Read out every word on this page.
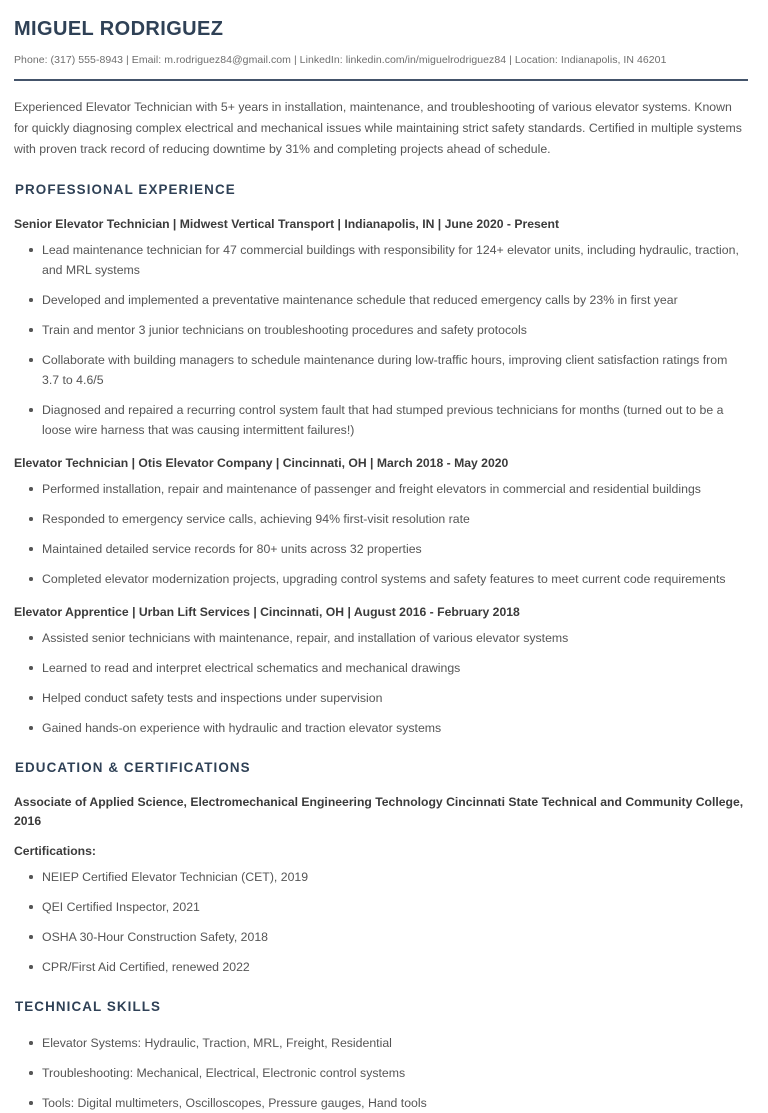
MIGUEL RODRIGUEZ
Phone: (317) 555-8943 | Email: m.rodriguez84@gmail.com | LinkedIn: linkedin.com/in/miguelrodriguez84 | Location: Indianapolis, IN 46201
Experienced Elevator Technician with 5+ years in installation, maintenance, and troubleshooting of various elevator systems. Known for quickly diagnosing complex electrical and mechanical issues while maintaining strict safety standards. Certified in multiple systems with proven track record of reducing downtime by 31% and completing projects ahead of schedule.
PROFESSIONAL EXPERIENCE
Senior Elevator Technician | Midwest Vertical Transport | Indianapolis, IN | June 2020 - Present
Lead maintenance technician for 47 commercial buildings with responsibility for 124+ elevator units, including hydraulic, traction, and MRL systems
Developed and implemented a preventative maintenance schedule that reduced emergency calls by 23% in first year
Train and mentor 3 junior technicians on troubleshooting procedures and safety protocols
Collaborate with building managers to schedule maintenance during low-traffic hours, improving client satisfaction ratings from 3.7 to 4.6/5
Diagnosed and repaired a recurring control system fault that had stumped previous technicians for months (turned out to be a loose wire harness that was causing intermittent failures!)
Elevator Technician | Otis Elevator Company | Cincinnati, OH | March 2018 - May 2020
Performed installation, repair and maintenance of passenger and freight elevators in commercial and residential buildings
Responded to emergency service calls, achieving 94% first-visit resolution rate
Maintained detailed service records for 80+ units across 32 properties
Completed elevator modernization projects, upgrading control systems and safety features to meet current code requirements
Elevator Apprentice | Urban Lift Services | Cincinnati, OH | August 2016 - February 2018
Assisted senior technicians with maintenance, repair, and installation of various elevator systems
Learned to read and interpret electrical schematics and mechanical drawings
Helped conduct safety tests and inspections under supervision
Gained hands-on experience with hydraulic and traction elevator systems
EDUCATION & CERTIFICATIONS
Associate of Applied Science, Electromechanical Engineering Technology Cincinnati State Technical and Community College, 2016
Certifications:
NEIEP Certified Elevator Technician (CET), 2019
QEI Certified Inspector, 2021
OSHA 30-Hour Construction Safety, 2018
CPR/First Aid Certified, renewed 2022
TECHNICAL SKILLS
Elevator Systems: Hydraulic, Traction, MRL, Freight, Residential
Troubleshooting: Mechanical, Electrical, Electronic control systems
Tools: Digital multimeters, Oscilloscopes, Pressure gauges, Hand tools
